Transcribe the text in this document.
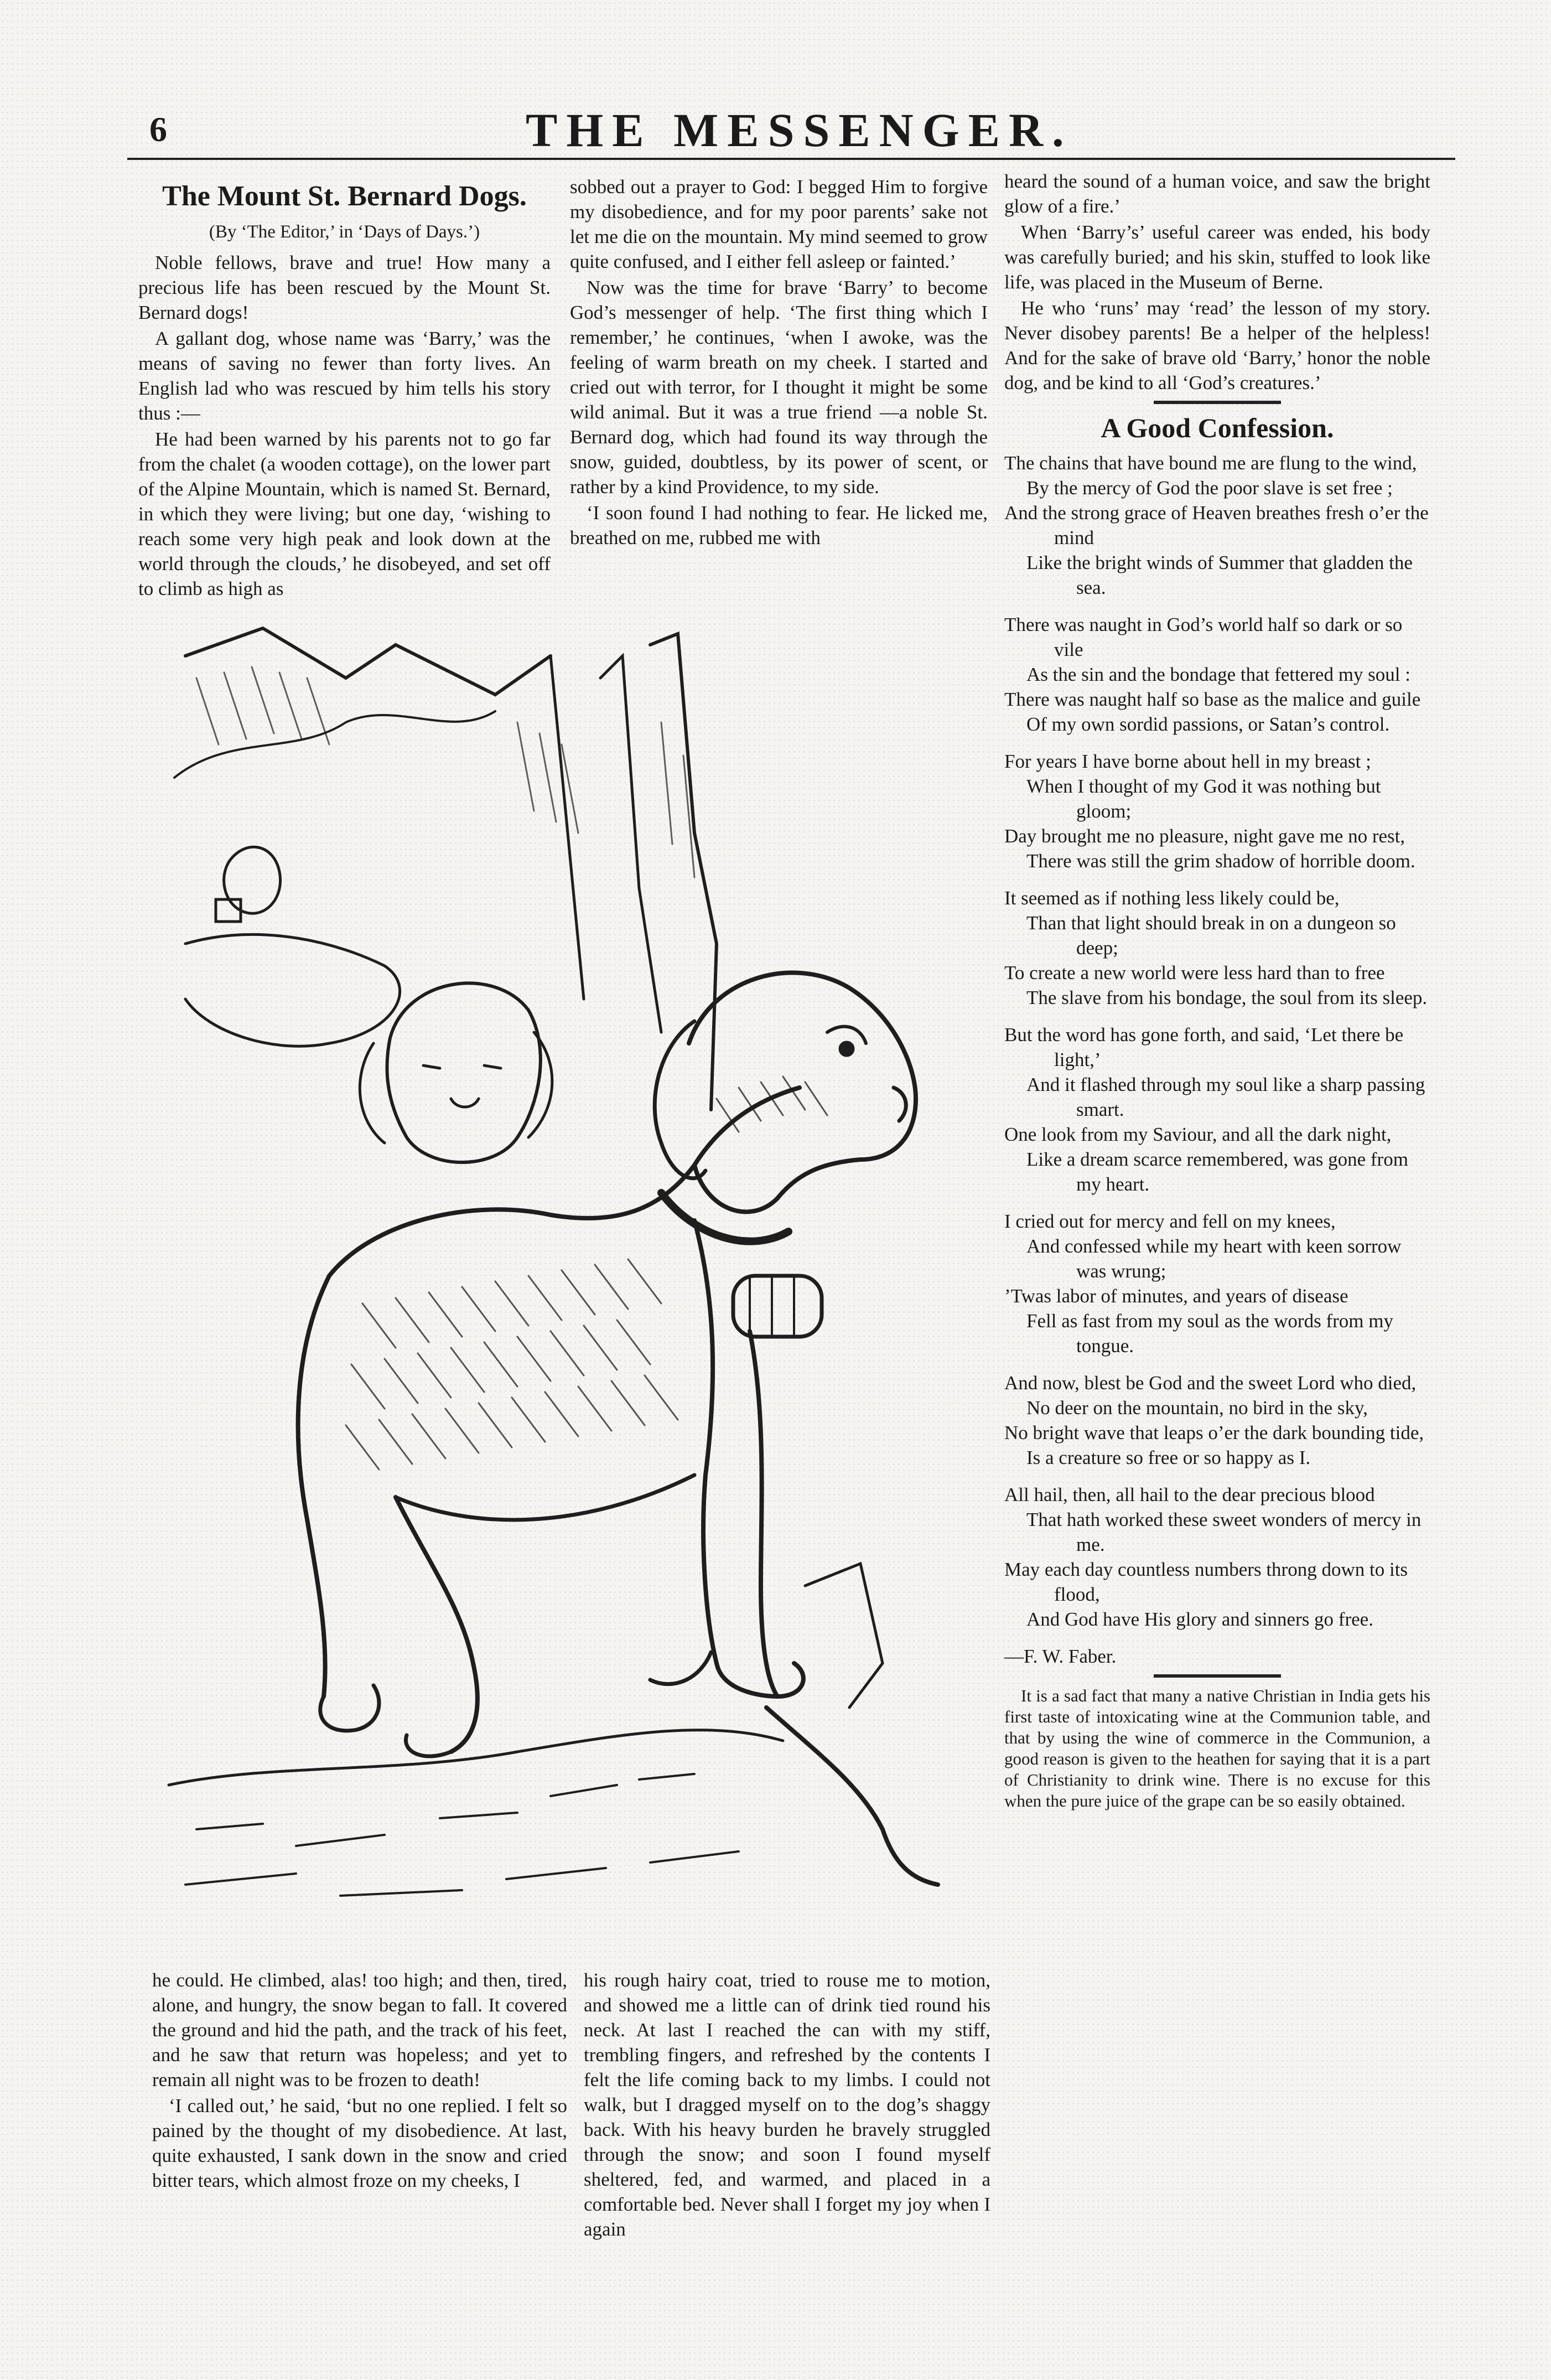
6	THE MESSENGER.
The Mount St. Bernard Dogs.
(By ‘The Editor,’ in ‘Days of Days.’)

Noble fellows, brave and true! How many a precious life has been rescued by the Mount St. Bernard dogs!

A gallant dog, whose name was ‘Barry,’ was the means of saving no fewer than forty lives. An English lad who was rescued by him tells his story thus :—

He had been warned by his parents not to go far from the chalet (a wooden cottage), on the lower part of the Alpine Mountain, which is named St. Bernard, in which they were living; but one day, ‘wishing to reach some very high peak and look down at the world through the clouds,’ he disobeyed, and set off to climb as high as

sobbed out a prayer to God: I begged Him to forgive my disobedience, and for my poor parents’ sake not let me die on the mountain. My mind seemed to grow quite confused, and I either fell asleep or fainted.’

Now was the time for brave ‘Barry’ to become God’s messenger of help. ‘The first thing which I remember,’ he continues, ‘when I awoke, was the feeling of warm breath on my cheek. I started and cried out with terror, for I thought it might be some wild animal. But it was a true friend —a noble St. Bernard dog, which had found its way through the snow, guided, doubtless, by its power of scent, or rather by a kind Providence, to my side.

‘I soon found I had nothing to fear. He licked me, breathed on me, rubbed me with

he could. He climbed, alas! too high; and then, tired, alone, and hungry, the snow began to fall. It covered the ground and hid the path, and the track of his feet, and he saw that return was hopeless; and yet to remain all night was to be frozen to death!

‘I called out,’ he said, ‘but no one replied. I felt so pained by the thought of my disobedience. At last, quite exhausted, I sank down in the snow and cried bitter tears, which almost froze on my cheeks, I

his rough hairy coat, tried to rouse me to motion, and showed me a little can of drink tied round his neck. At last I reached the can with my stiff, trembling fingers, and refreshed by the contents I felt the life coming back to my limbs. I could not walk, but I dragged myself on to the dog’s shaggy back. With his heavy burden he bravely struggled through the snow; and soon I found myself sheltered, fed, and warmed, and placed in a comfortable bed. Never shall I forget my joy when I again

heard the sound of a human voice, and saw the bright glow of a fire.’

When ‘Barry’s’ useful career was ended, his body was carefully buried; and his skin, stuffed to look like life, was placed in the Museum of Berne.

He who ‘runs’ may ‘read’ the lesson of my story. Never disobey parents! Be a helper of the helpless! And for the sake of brave old ‘Barry,’ honor the noble dog, and be kind to all ‘God’s creatures.’

A Good Confession.
The chains that have bound me are flung to the wind,
By the mercy of God the poor slave is set free ;
And the strong grace of Heaven breathes fresh o’er the mind
Like the bright winds of Summer that gladden the sea.
There was naught in God’s world half so dark or so vile
As the sin and the bondage that fettered my soul :
There was naught half so base as the malice and guile
Of my own sordid passions, or Satan’s control.
For years I have borne about hell in my breast ;
When I thought of my God it was nothing but gloom;
Day brought me no pleasure, night gave me no rest,
There was still the grim shadow of horrible doom.
It seemed as if nothing less likely could be,
Than that light should break in on a dungeon so deep;
To create a new world were less hard than to free
The slave from his bondage, the soul from its sleep.
But the word has gone forth, and said, ‘Let there be light,’
And it flashed through my soul like a sharp passing smart.
One look from my Saviour, and all the dark night,
Like a dream scarce remembered, was gone from my heart.
I cried out for mercy and fell on my knees,
And confessed while my heart with keen sorrow was wrung;
’Twas labor of minutes, and years of disease
Fell as fast from my soul as the words from my tongue.
And now, blest be God and the sweet Lord who died,
No deer on the mountain, no bird in the sky,
No bright wave that leaps o’er the dark bounding tide,
Is a creature so free or so happy as I.
All hail, then, all hail to the dear precious blood
That hath worked these sweet wonders of mercy in me.
May each day countless numbers throng down to its flood,
And God have His glory and sinners go free.
—F. W. Faber.

It is a sad fact that many a native Christian in India gets his first taste of intoxicating wine at the Communion table, and that by using the wine of commerce in the Communion, a good reason is given to the heathen for saying that it is a part of Christianity to drink wine. There is no excuse for this when the pure juice of the grape can be so easily obtained.
